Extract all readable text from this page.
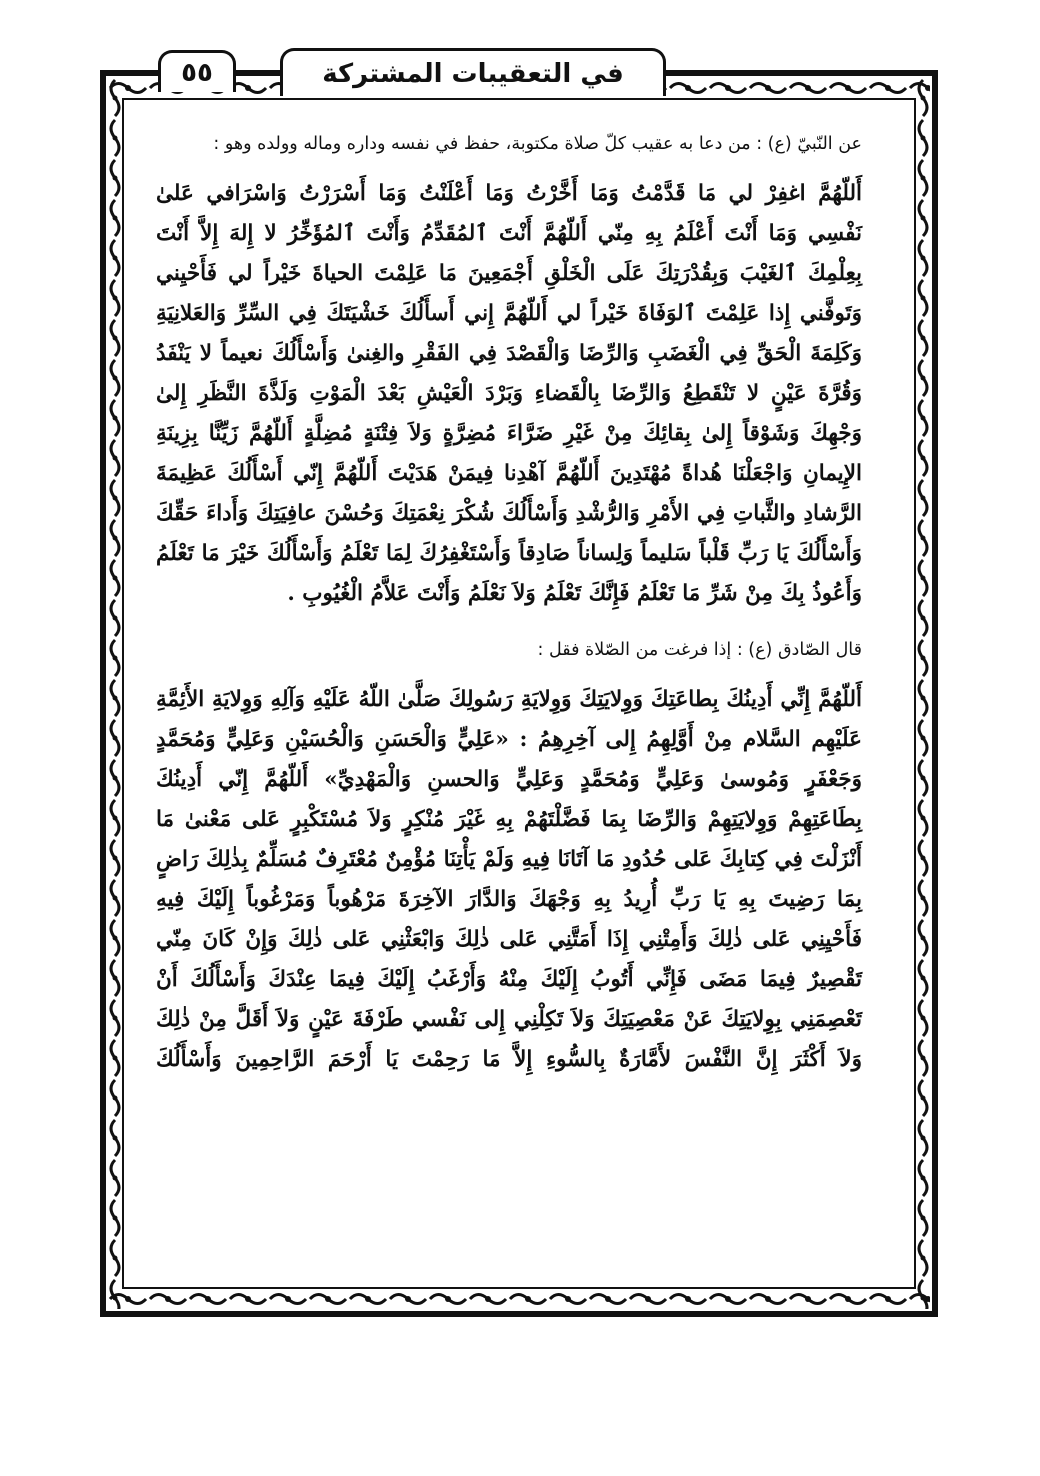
في التعقيبات المشتركة
٥٥

عن النّبيّ (ع) : من دعا به عقيب كلّ صلاة مكتوبة، حفظ في نفسه وداره وماله وولده وهو :

أَللّهُمَّ اغفِرْ لي مَا قَدَّمْتُ وَمَا أَخَّرْتُ وَمَا أَعْلَنْتُ وَمَا أَسْرَرْتُ وَاسْرَافي عَلىٰ نَفْسِي وَمَا أَنْتَ أَعْلَمُ بِهِ مِنّي أَللّهُمَّ أَنْتَ ٱلمُقَدِّمُ وَأَنْتَ ٱلمُؤَخِّرُ لا إِلهَ إِلاَّ أَنْتَ بِعِلْمِكَ ٱلغَيْبَ وَبِقُدْرَتِكَ عَلَى الْخَلْقِ أَجْمَعِينَ مَا عَلِمْتَ الحياةَ خَيْراً لي فَأَحْيِني وَتَوفَّني إِذا عَلِمْتَ ٱلوَفَاةَ خَيْراً لي أَللّهُمَّ إِني أَسأَلُكَ خَشْيَتَكَ فِي السِّرِّ وَالعَلانِيَةِ وَكَلِمَةَ الْحَقِّ فِي الْغَضَبِ وَالرِّضَا وَالْقَصْدَ فِي الفَقْرِ والغِنىٰ وَأَسْأَلُكَ نعيماً لا يَنْفَدُ وَقُرَّةَ عَيْنٍ لا تَنْقَطِعُ وَالرِّضَا بِالْقَضاءِ وَبَرْدَ الْعَيْشِ بَعْدَ الْمَوْتِ وَلَذَّةَ النَّظَرِ إِلىٰ وَجْهِكَ وَشَوْقاً إِلىٰ بِقائِكَ مِنْ غَيْرِ ضَرَّاءَ مُضِرَّةٍ وَلاَ فِتْنَةٍ مُضِلَّةٍ أَللّهُمَّ زَيِّنَّا بِزِينَةِ الإِيمانِ وَاجْعَلْنَا هُداةً مُهْتَدِينَ أَللّهُمَّ آهْدِنا فِيمَنْ هَدَيْتَ أَللّهُمَّ إِنّي أَسْأَلُكَ عَظِيمَةَ الرَّشادِ والثَّباتِ فِي الأَمْرِ وَالرُّشْدِ وَأَسْأَلُكَ شُكْرَ نِعْمَتِكَ وَحُسْنَ عافِيَتِكَ وَأَداءَ حَقِّكَ وَأَسْأَلُكَ يَا رَبِّ قَلْباً سَليماً وَلِساناً صَادِقاً وَأَسْتَغْفِرُكَ لِمَا تَعْلَمُ وَأَسْأَلُكَ خَيْرَ مَا تَعْلَمُ وَأَعُوذُ بِكَ مِنْ شَرِّ مَا تَعْلَمُ فَإِنَّكَ تَعْلَمُ وَلاَ نَعْلَمُ وَأَنْتَ عَلاَّمُ الْغُيُوبِ .

قال الصّادق (ع) : إذا فرغت من الصّلاة فقل :

أَللّهُمَّ إِنِّي أَدِينُكَ بِطاعَتِكَ وَوِلايَتِكَ وَوِلايَةِ رَسُولِكَ صَلَّىٰ اللّهُ عَلَيْهِ وَآلِهِ وَوِلايَةِ الأَئِمَّةِ عَلَيْهِم السَّلام مِنْ أَوَّلِهِمُ إِلى آخِرِهِمُ : «عَلِيٍّ وَالْحَسَنِ وَالْحُسَيْنِ وَعَلِيٍّ وَمُحَمَّدٍ وَجَعْفَرٍ وَمُوسىٰ وَعَلِيٍّ وَمُحَمَّدٍ وَعَلِيٍّ وَالحسنِ وَالْمَهْدِيِّ» أَللّهُمَّ إِنّي أَدِينُكَ بِطَاعَتِهِمْ وَوِلايَتِهِمْ وَالرِّضَا بِمَا فَضَّلْتَهُمْ بِهِ غَيْرَ مُنْكِرٍ وَلاَ مُسْتَكْبِرٍ عَلى مَعْنىٰ مَا أَنْزَلْتَ فِي كِتابِكَ عَلى حُدُودِ مَا آتَانَا فِيهِ وَلَمْ يَأْتِنَا مُؤْمِنٌ مُعْتَرِفٌ مُسَلِّمٌ بِذٰلِكَ رَاضٍ بِمَا رَضِيتَ بِهِ يَا رَبِّ أُرِيدُ بِهِ وَجْهَكَ وَالدَّارَ الآخِرَةَ مَرْهُوباً وَمَرْغُوباً إِلَيْكَ فِيهِ فَأَحْيِنِي عَلى ذٰلِكَ وَأَمِتْنِي إِذَا أَمَتَّنِي عَلى ذٰلِكَ وَابْعَثْنِي عَلى ذٰلِكَ وَإِنْ كَانَ مِنّي تَقْصِيرٌ فِيمَا مَضَى فَإِنِّي أَتُوبُ إِلَيْكَ مِنْهُ وَأَرْغَبُ إِلَيْكَ فِيمَا عِنْدَكَ وَأَسْأَلُكَ أَنْ تَعْصِمَنِي بِوِلايَتِكَ عَنْ مَعْصِيَتِكَ وَلاَ تَكِلْنِي إِلى نَفْسي طَرْفَةَ عَيْنٍ وَلاَ أَقَلَّ مِنْ ذٰلِكَ وَلاَ أَكْثَرَ إِنَّ النَّفْسَ لأَمَّارَةٌ بِالسُّوءِ إِلاَّ مَا رَحِمْتَ يَا أَرْحَمَ الرَّاحِمِينَ وَأَسْأَلُكَ
